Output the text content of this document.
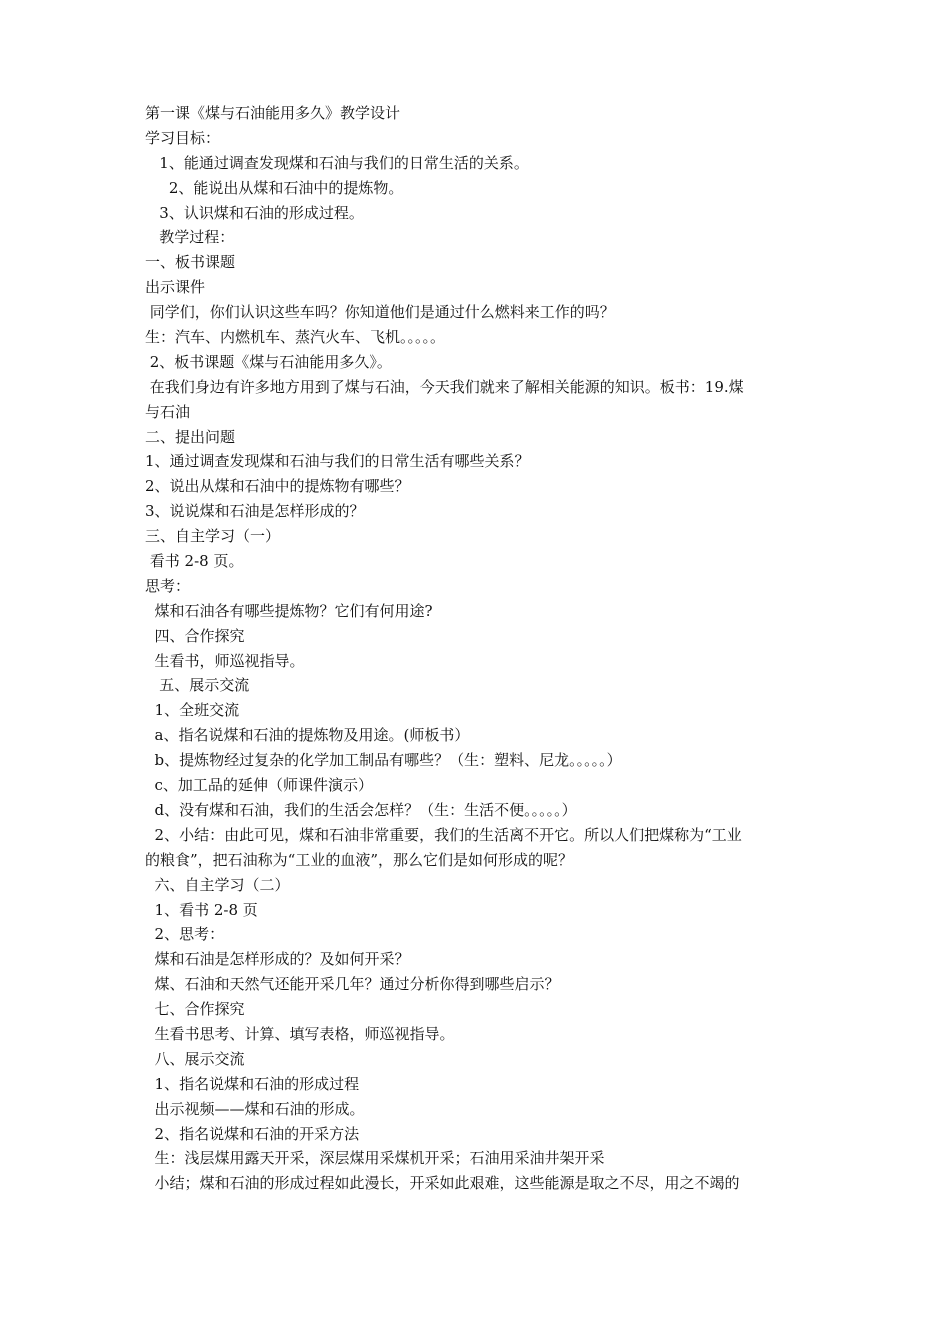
第一课《煤与石油能用多久》教学设计
学习目标：
1、能通过调查发现煤和石油与我们的日常生活的关系。
2、能说出从煤和石油中的提炼物。
3、认识煤和石油的形成过程。
教学过程：
一、板书课题
出示课件
同学们，你们认识这些车吗？你知道他们是通过什么燃料来工作的吗？
生：汽车、内燃机车、蒸汽火车、飞机。。。。。
2、板书课题《煤与石油能用多久》。
在我们身边有许多地方用到了煤与石油，今天我们就来了解相关能源的知识。板书：19.煤
与石油
二、提出问题
1、通过调查发现煤和石油与我们的日常生活有哪些关系？
2、说出从煤和石油中的提炼物有哪些？
3、说说煤和石油是怎样形成的？
三、自主学习（一）
看书 2-8 页。
思考：
煤和石油各有哪些提炼物？它们有何用途?
四、合作探究
生看书，师巡视指导。
五、展示交流
1、全班交流
a、指名说煤和石油的提炼物及用途。(师板书）
b、提炼物经过复杂的化学加工制品有哪些？（生：塑料、尼龙。。。。。）
c、加工品的延伸（师课件演示）
d、没有煤和石油，我们的生活会怎样？（生：生活不便。。。。。）
2、小结：由此可见，煤和石油非常重要，我们的生活离不开它。所以人们把煤称为“工业
的粮食”，把石油称为“工业的血液”，那么它们是如何形成的呢？
六、自主学习（二）
1、看书 2-8 页
2、思考：
煤和石油是怎样形成的？及如何开采？
煤、石油和天然气还能开采几年？通过分析你得到哪些启示？
七、合作探究
生看书思考、计算、填写表格，师巡视指导。
八、展示交流
1、指名说煤和石油的形成过程
出示视频——煤和石油的形成。
2、指名说煤和石油的开采方法
生：浅层煤用露天开采，深层煤用采煤机开采；石油用采油井架开采
小结；煤和石油的形成过程如此漫长，开采如此艰难，这些能源是取之不尽，用之不竭的
